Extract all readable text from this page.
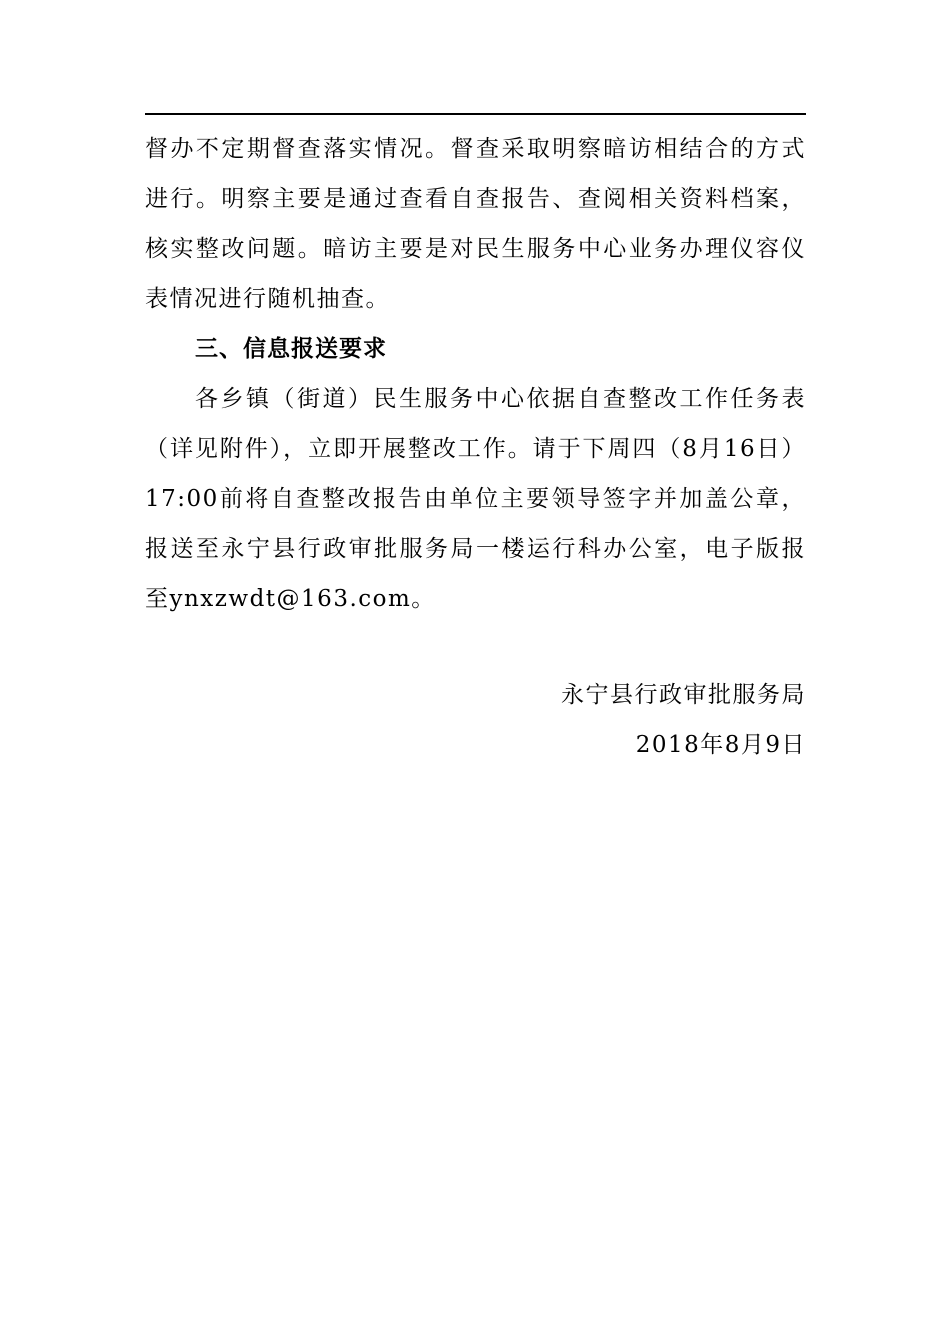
督办不定期督查落实情况。督查采取明察暗访相结合的方式进行。明察主要是通过查看自查报告、查阅相关资料档案，核实整改问题。暗访主要是对民生服务中心业务办理仪容仪表情况进行随机抽查。

三、信息报送要求

各乡镇（街道）民生服务中心依据自查整改工作任务表（详见附件），立即开展整改工作。请于下周四（8月16日）17:00前将自查整改报告由单位主要领导签字并加盖公章，报送至永宁县行政审批服务局一楼运行科办公室，电子版报至ynxzwdt@163.com。

永宁县行政审批服务局
2018年8月9日
